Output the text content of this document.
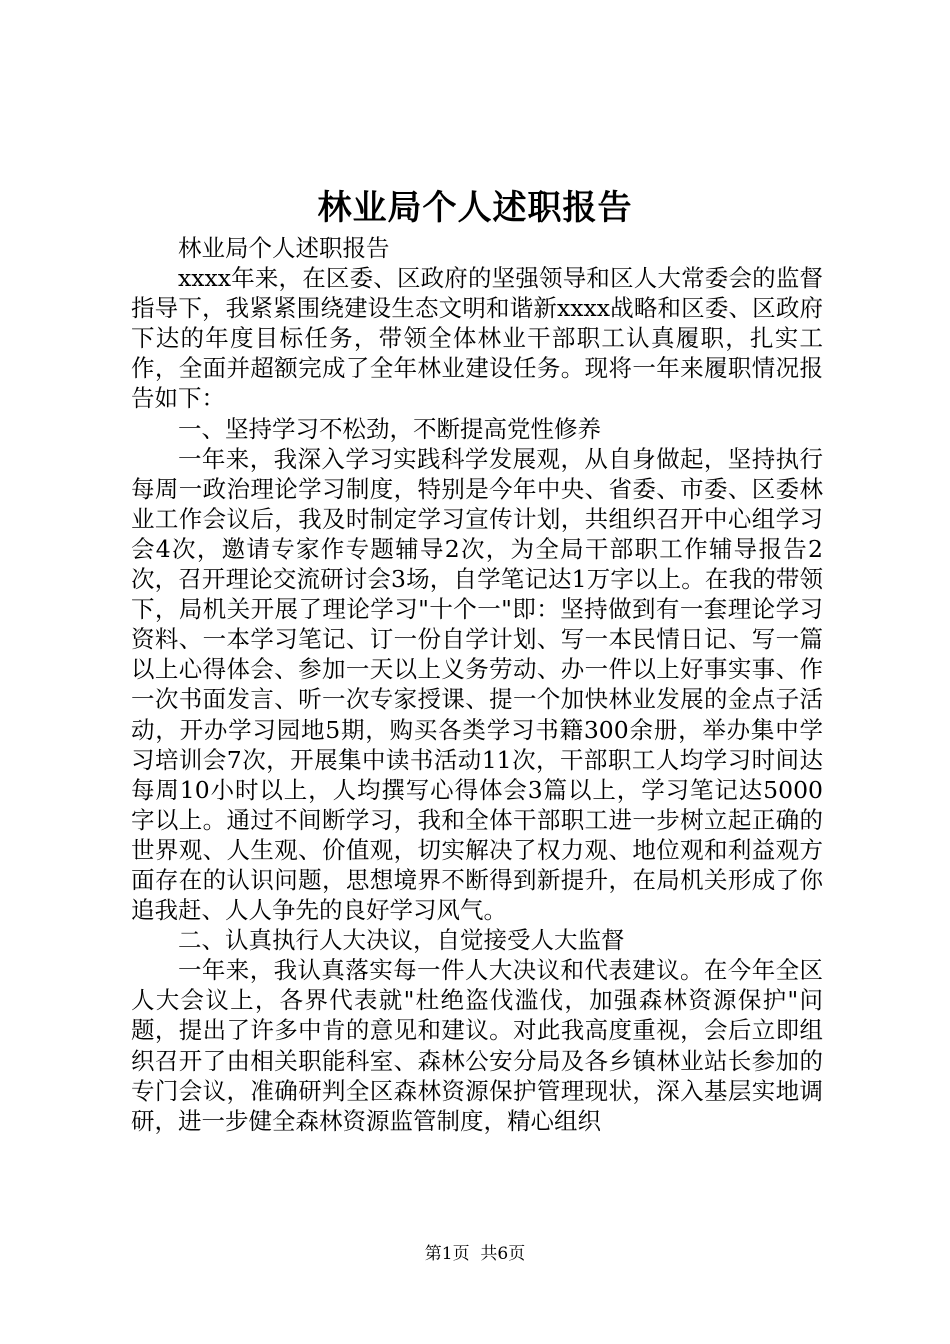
林业局个人述职报告

林业局个人述职报告

xxxx年来，在区委、区政府的坚强领导和区人大常委会的监督指导下，我紧紧围绕建设生态文明和谐新xxxx战略和区委、区政府下达的年度目标任务，带领全体林业干部职工认真履职，扎实工作，全面并超额完成了全年林业建设任务。现将一年来履职情况报告如下：

一、坚持学习不松劲，不断提高党性修养

一年来，我深入学习实践科学发展观，从自身做起，坚持执行每周一政治理论学习制度，特别是今年中央、省委、市委、区委林业工作会议后，我及时制定学习宣传计划，共组织召开中心组学习会4次，邀请专家作专题辅导2次，为全局干部职工作辅导报告2次，召开理论交流研讨会3场，自学笔记达1万字以上。在我的带领下，局机关开展了理论学习"十个一"即：坚持做到有一套理论学习资料、一本学习笔记、订一份自学计划、写一本民情日记、写一篇以上心得体会、参加一天以上义务劳动、办一件以上好事实事、作一次书面发言、听一次专家授课、提一个加快林业发展的金点子活动，开办学习园地5期，购买各类学习书籍300余册，举办集中学习培训会7次，开展集中读书活动11次，干部职工人均学习时间达每周10小时以上，人均撰写心得体会3篇以上，学习笔记达5000字以上。通过不间断学习，我和全体干部职工进一步树立起正确的世界观、人生观、价值观，切实解决了权力观、地位观和利益观方面存在的认识问题，思想境界不断得到新提升，在局机关形成了你追我赶、人人争先的良好学习风气。

二、认真执行人大决议，自觉接受人大监督

一年来，我认真落实每一件人大决议和代表建议。在今年全区人大会议上，各界代表就"杜绝盗伐滥伐，加强森林资源保护"问题，提出了许多中肯的意见和建议。对此我高度重视，会后立即组织召开了由相关职能科室、森林公安分局及各乡镇林业站长参加的专门会议，准确研判全区森林资源保护管理现状，深入基层实地调研，进一步健全森林资源监管制度，精心组织

第1页 共6页
